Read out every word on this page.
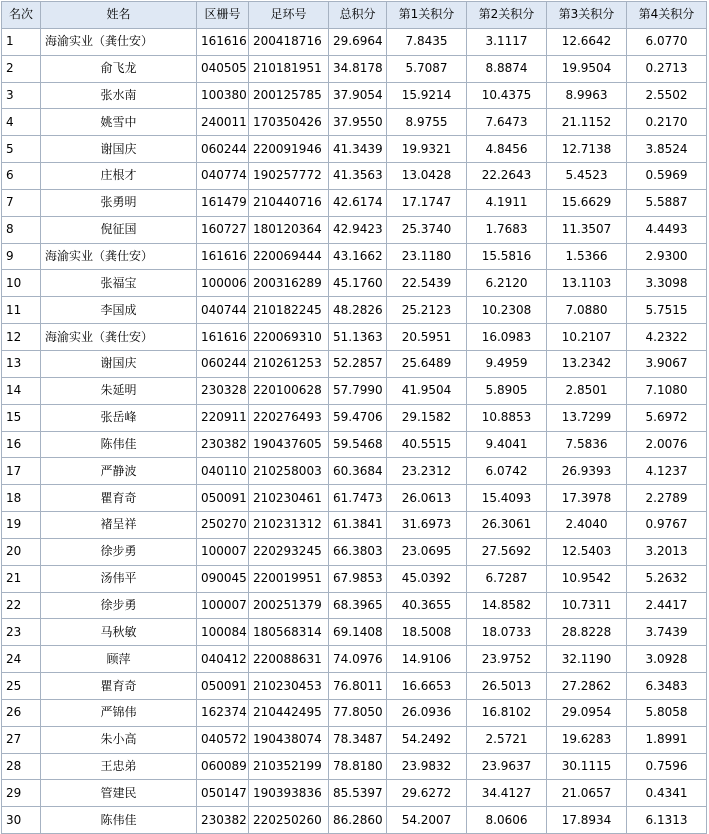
名次	姓名	区栅号	足环号	总积分	第1关积分	第2关积分	第3关积分	第4关积分
1	海渝实业（龚仕安）	161616	200418716	29.6964	7.8435	3.1117	12.6642	6.0770
2	俞飞龙	040505	210181951	34.8178	5.7087	8.8874	19.9504	0.2713
3	张水南	100380	200125785	37.9054	15.9214	10.4375	8.9963	2.5502
4	姚雪中	240011	170350426	37.9550	8.9755	7.6473	21.1152	0.2170
5	谢国庆	060244	220091946	41.3439	19.9321	4.8456	12.7138	3.8524
6	庄根才	040774	190257772	41.3563	13.0428	22.2643	5.4523	0.5969
7	张勇明	161479	210440716	42.6174	17.1747	4.1911	15.6629	5.5887
8	倪征国	160727	180120364	42.9423	25.3740	1.7683	11.3507	4.4493
9	海渝实业（龚仕安）	161616	220069444	43.1662	23.1180	15.5816	1.5366	2.9300
10	张福宝	100006	200316289	45.1760	22.5439	6.2120	13.1103	3.3098
11	李国成	040744	210182245	48.2826	25.2123	10.2308	7.0880	5.7515
12	海渝实业（龚仕安）	161616	220069310	51.1363	20.5951	16.0983	10.2107	4.2322
13	谢国庆	060244	210261253	52.2857	25.6489	9.4959	13.2342	3.9067
14	朱延明	230328	220100628	57.7990	41.9504	5.8905	2.8501	7.1080
15	张岳峰	220911	220276493	59.4706	29.1582	10.8853	13.7299	5.6972
16	陈伟佳	230382	190437605	59.5468	40.5515	9.4041	7.5836	2.0076
17	严静波	040110	210258003	60.3684	23.2312	6.0742	26.9393	4.1237
18	瞿育奇	050091	210230461	61.7473	26.0613	15.4093	17.3978	2.2789
19	褚呈祥	250270	210231312	61.3841	31.6973	26.3061	2.4040	0.9767
20	徐步勇	100007	220293245	66.3803	23.0695	27.5692	12.5403	3.2013
21	汤伟平	090045	220019951	67.9853	45.0392	6.7287	10.9542	5.2632
22	徐步勇	100007	200251379	68.3965	40.3655	14.8582	10.7311	2.4417
23	马秋敏	100084	180568314	69.1408	18.5008	18.0733	28.8228	3.7439
24	顾萍	040412	220088631	74.0976	14.9106	23.9752	32.1190	3.0928
25	瞿育奇	050091	210230453	76.8011	16.6653	26.5013	27.2862	6.3483
26	严锦伟	162374	210442495	77.8050	26.0936	16.8102	29.0954	5.8058
27	朱小高	040572	190438074	78.3487	54.2492	2.5721	19.6283	1.8991
28	王忠弟	060089	210352199	78.8180	23.9832	23.9637	30.1115	0.7596
29	管建民	050147	190393836	85.5397	29.6272	34.4127	21.0657	0.4341
30	陈伟佳	230382	220250260	86.2860	54.2007	8.0606	17.8934	6.1313
